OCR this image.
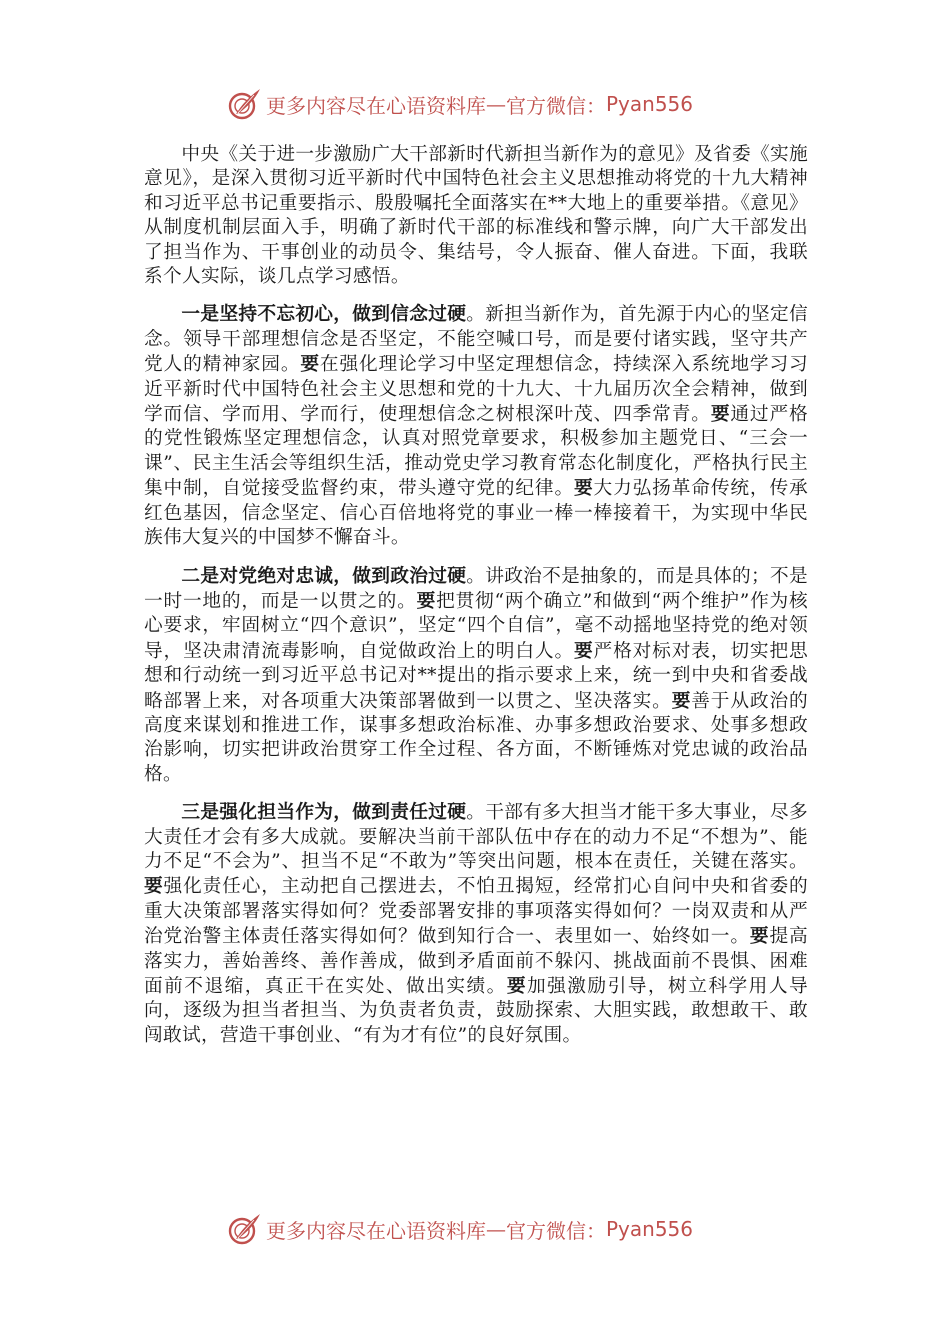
更多内容尽在心语资料库 — 官方微信： Pyan556

中央《关于进一步激励广大干部新时代新担当新作为的意见》及省委《实施意见》，是深入贯彻习近平新时代中国特色社会主义思想推动将党的十九大精神和习近平总书记重要指示、殷殷嘱托全面落实在**大地上的重要举措。《意见》从制度机制层面入手，明确了新时代干部的标准线和警示牌，向广大干部发出了担当作为、干事创业的动员令、集结号，令人振奋、催人奋进。下面，我联系个人实际，谈几点学习感悟。

一是坚持不忘初心，做到信念过硬。新担当新作为，首先源于内心的坚定信念。领导干部理想信念是否坚定，不能空喊口号，而是要付诸实践，坚守共产党人的精神家园。要在强化理论学习中坚定理想信念，持续深入系统地学习习近平新时代中国特色社会主义思想和党的十九大、十九届历次全会精神，做到学而信、学而用、学而行，使理想信念之树根深叶茂、四季常青。要通过严格的党性锻炼坚定理想信念，认真对照党章要求，积极参加主题党日、“三会一课”、民主生活会等组织生活，推动党史学习教育常态化制度化，严格执行民主集中制，自觉接受监督约束，带头遵守党的纪律。要大力弘扬革命传统，传承红色基因，信念坚定、信心百倍地将党的事业一棒一棒接着干，为实现中华民族伟大复兴的中国梦不懈奋斗。

二是对党绝对忠诚，做到政治过硬。讲政治不是抽象的，而是具体的；不是一时一地的，而是一以贯之的。要把贯彻“两个确立”和做到“两个维护”作为核心要求，牢固树立“四个意识”，坚定“四个自信”，毫不动摇地坚持党的绝对领导，坚决肃清流毒影响，自觉做政治上的明白人。要严格对标对表，切实把思想和行动统一到习近平总书记对**提出的指示要求上来，统一到中央和省委战略部署上来，对各项重大决策部署做到一以贯之、坚决落实。要善于从政治的高度来谋划和推进工作，谋事多想政治标准、办事多想政治要求、处事多想政治影响，切实把讲政治贯穿工作全过程、各方面，不断锤炼对党忠诚的政治品格。

三是强化担当作为，做到责任过硬。干部有多大担当才能干多大事业，尽多大责任才会有多大成就。要解决当前干部队伍中存在的动力不足“不想为”、能力不足“不会为”、担当不足“不敢为”等突出问题，根本在责任，关键在落实。要强化责任心，主动把自己摆进去，不怕丑揭短，经常扪心自问中央和省委的重大决策部署落实得如何？党委部署安排的事项落实得如何？一岗双责和从严治党治警主体责任落实得如何？做到知行合一、表里如一、始终如一。要提高落实力，善始善终、善作善成，做到矛盾面前不躲闪、挑战面前不畏惧、困难面前不退缩，真正干在实处、做出实绩。要加强激励引导，树立科学用人导向，逐级为担当者担当、为负责者负责，鼓励探索、大胆实践，敢想敢干、敢闯敢试，营造干事创业、“有为才有位”的良好氛围。

更多内容尽在心语资料库 — 官方微信： Pyan556
